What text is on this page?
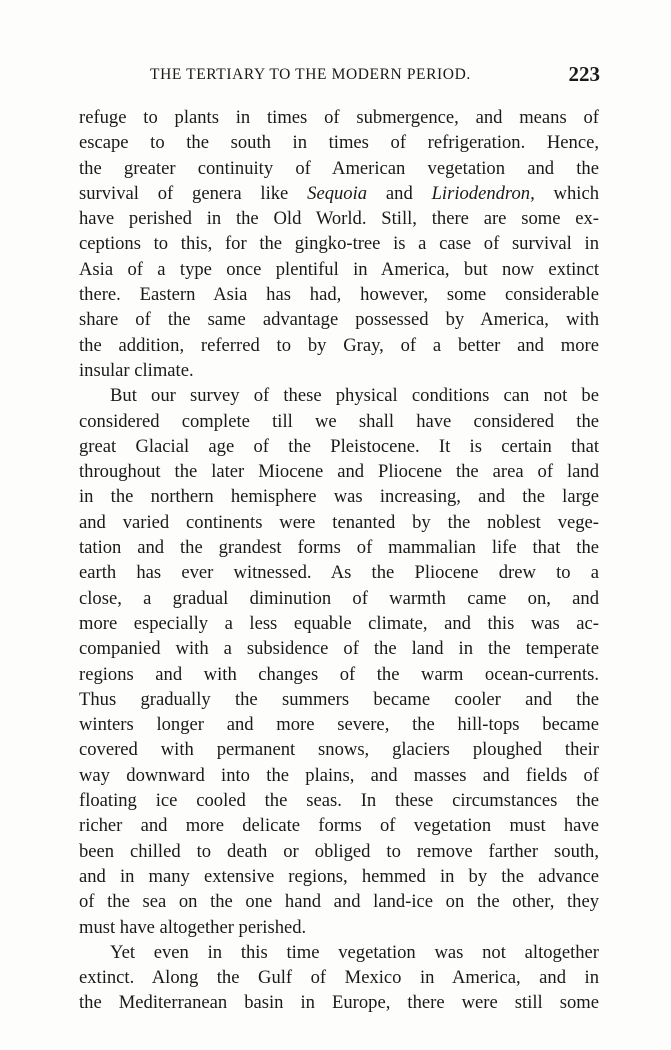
THE TERTIARY TO THE MODERN PERIOD.	223
refuge to plants in times of submergence, and means of
escape to the south in times of refrigeration. Hence,
the greater continuity of American vegetation and the
survival of genera like Sequoia and Liriodendron, which
have perished in the Old World. Still, there are some ex-
ceptions to this, for the gingko-tree is a case of survival in
Asia of a type once plentiful in America, but now extinct
there. Eastern Asia has had, however, some considerable
share of the same advantage possessed by America, with
the addition, referred to by Gray, of a better and more
insular climate.
But our survey of these physical conditions can not be
considered complete till we shall have considered the
great Glacial age of the Pleistocene. It is certain that
throughout the later Miocene and Pliocene the area of land
in the northern hemisphere was increasing, and the large
and varied continents were tenanted by the noblest vege-
tation and the grandest forms of mammalian life that the
earth has ever witnessed. As the Pliocene drew to a
close, a gradual diminution of warmth came on, and
more especially a less equable climate, and this was ac-
companied with a subsidence of the land in the temperate
regions and with changes of the warm ocean-currents.
Thus gradually the summers became cooler and the
winters longer and more severe, the hill-tops became
covered with permanent snows, glaciers ploughed their
way downward into the plains, and masses and fields of
floating ice cooled the seas. In these circumstances the
richer and more delicate forms of vegetation must have
been chilled to death or obliged to remove farther south,
and in many extensive regions, hemmed in by the advance
of the sea on the one hand and land-ice on the other, they
must have altogether perished.
Yet even in this time vegetation was not altogether
extinct. Along the Gulf of Mexico in America, and in
the Mediterranean basin in Europe, there were still some
